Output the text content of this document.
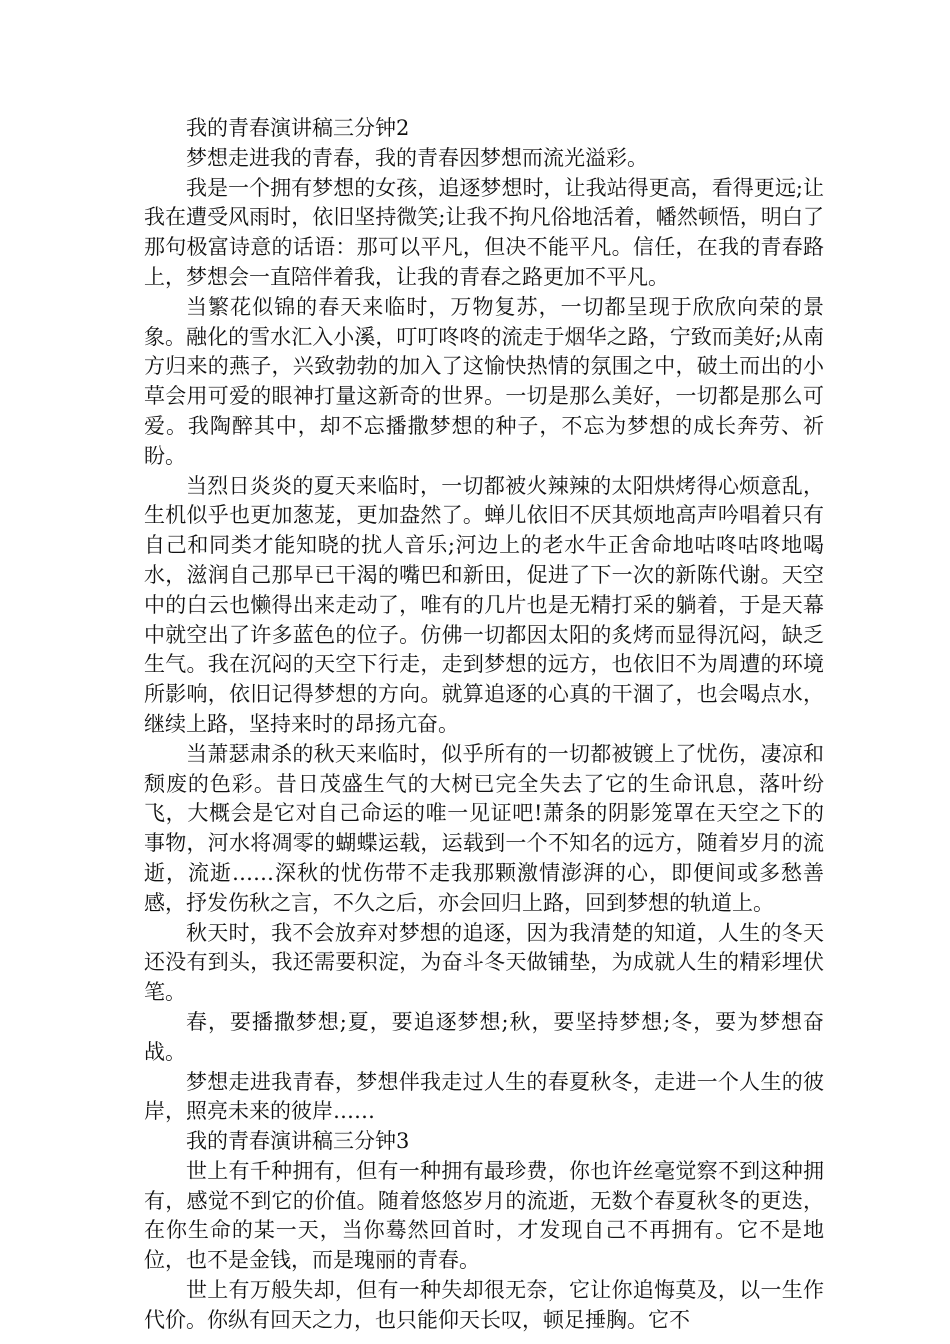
我的青春演讲稿三分钟2

梦想走进我的青春，我的青春因梦想而流光溢彩。

我是一个拥有梦想的女孩，追逐梦想时，让我站得更高，看得更远;让我在遭受风雨时，依旧坚持微笑;让我不拘凡俗地活着，幡然顿悟，明白了那句极富诗意的话语：那可以平凡，但决不能平凡。信任，在我的青春路上，梦想会一直陪伴着我，让我的青春之路更加不平凡。

当繁花似锦的春天来临时，万物复苏，一切都呈现于欣欣向荣的景象。融化的雪水汇入小溪，叮叮咚咚的流走于烟华之路，宁致而美好;从南方归来的燕子，兴致勃勃的加入了这愉快热情的氛围之中，破土而出的小草会用可爱的眼神打量这新奇的世界。一切是那么美好，一切都是那么可爱。我陶醉其中，却不忘播撒梦想的种子，不忘为梦想的成长奔劳、祈盼。

当烈日炎炎的夏天来临时，一切都被火辣辣的太阳烘烤得心烦意乱，生机似乎也更加葱茏，更加盎然了。蝉儿依旧不厌其烦地高声吟唱着只有自己和同类才能知晓的扰人音乐;河边上的老水牛正舍命地咕咚咕咚地喝水，滋润自己那早已干渴的嘴巴和新田，促进了下一次的新陈代谢。天空中的白云也懒得出来走动了，唯有的几片也是无精打采的躺着，于是天幕中就空出了许多蓝色的位子。仿佛一切都因太阳的炙烤而显得沉闷，缺乏生气。我在沉闷的天空下行走，走到梦想的远方，也依旧不为周遭的环境所影响，依旧记得梦想的方向。就算追逐的心真的干涸了，也会喝点水，继续上路，坚持来时的昂扬亢奋。

当萧瑟肃杀的秋天来临时，似乎所有的一切都被镀上了忧伤，凄凉和颓废的色彩。昔日茂盛生气的大树已完全失去了它的生命讯息，落叶纷飞，大概会是它对自己命运的唯一见证吧!萧条的阴影笼罩在天空之下的事物，河水将凋零的蝴蝶运载，运载到一个不知名的远方，随着岁月的流逝，流逝……深秋的忧伤带不走我那颗激情澎湃的心，即便间或多愁善感，抒发伤秋之言，不久之后，亦会回归上路，回到梦想的轨道上。

秋天时，我不会放弃对梦想的追逐，因为我清楚的知道，人生的冬天还没有到头，我还需要积淀，为奋斗冬天做铺垫，为成就人生的精彩埋伏笔。

春，要播撒梦想;夏，要追逐梦想;秋，要坚持梦想;冬，要为梦想奋战。

梦想走进我青春，梦想伴我走过人生的春夏秋冬，走进一个人生的彼岸，照亮未来的彼岸……

我的青春演讲稿三分钟3

世上有千种拥有，但有一种拥有最珍费，你也许丝毫觉察不到这种拥有，感觉不到它的价值。随着悠悠岁月的流逝，无数个春夏秋冬的更迭，在你生命的某一天，当你蓦然回首时，才发现自己不再拥有。它不是地位，也不是金钱，而是瑰丽的青春。

世上有万般失却，但有一种失却很无奈，它让你追悔莫及，以一生作代价。你纵有回天之力，也只能仰天长叹，顿足捶胸。它不
